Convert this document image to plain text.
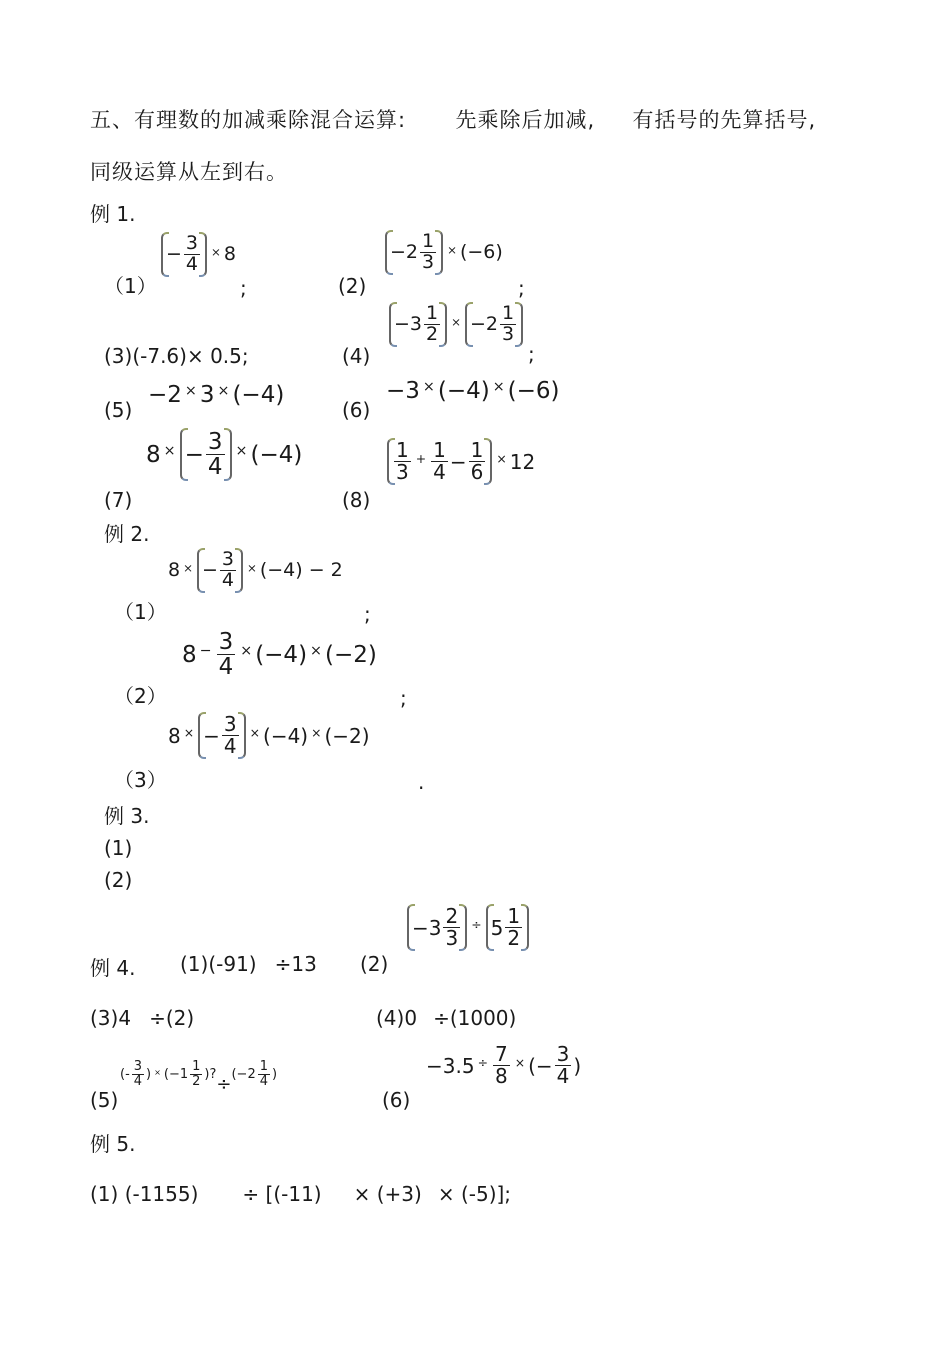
五、有理数的加减乘除混合运算: 先乘除后加减, 有括号的先算括号,
同级运算从左到右。
例 1.
（1）
− $\frac{3}{4} \times 8$
;	(2)
$-2 \frac{1}{3} \times (-6)$
;
(3)(-7.6)× 0.5;	(4)
$-3 \frac{1}{2} \times -2 \frac{1}{3}$
;
(5)
−2 × 3 × (−4)
(6)
−3 × (−4) × (−6)
(7)
8 × − $\frac{3}{4} \times (-4)$
(8)
$\frac{1}{3} + \frac{1}{4} - \frac{1}{6} \times 12$
例 2.
（1）
8 × − $\frac{3}{4} \times (-4) - 2$
;
（2）
$8 - \frac{3}{4} \times (-4) \times (-2)$
;
（3）
8 × − $\frac{3}{4} \times (-4) \times (-2)$
.
例 3.
(1)
(2)
例 4. (1)(-91) ÷13 (2)
$-3 \frac{2}{3} \div 5 \frac{1}{2}$
(3)4 ÷(2)	(4)0 ÷(1000)
(5)
(- $\frac{3}{4}$ ) × ($-1 \frac{1}{2}$ )? ÷ ($-2 \frac{1}{4}$ )
(6)
$-3.5 \div \frac{7}{8}$ × (− $\frac{3}{4}$ )
例 5.
(1) (-1155) ÷ [(-11) × (+3) × (-5)];
